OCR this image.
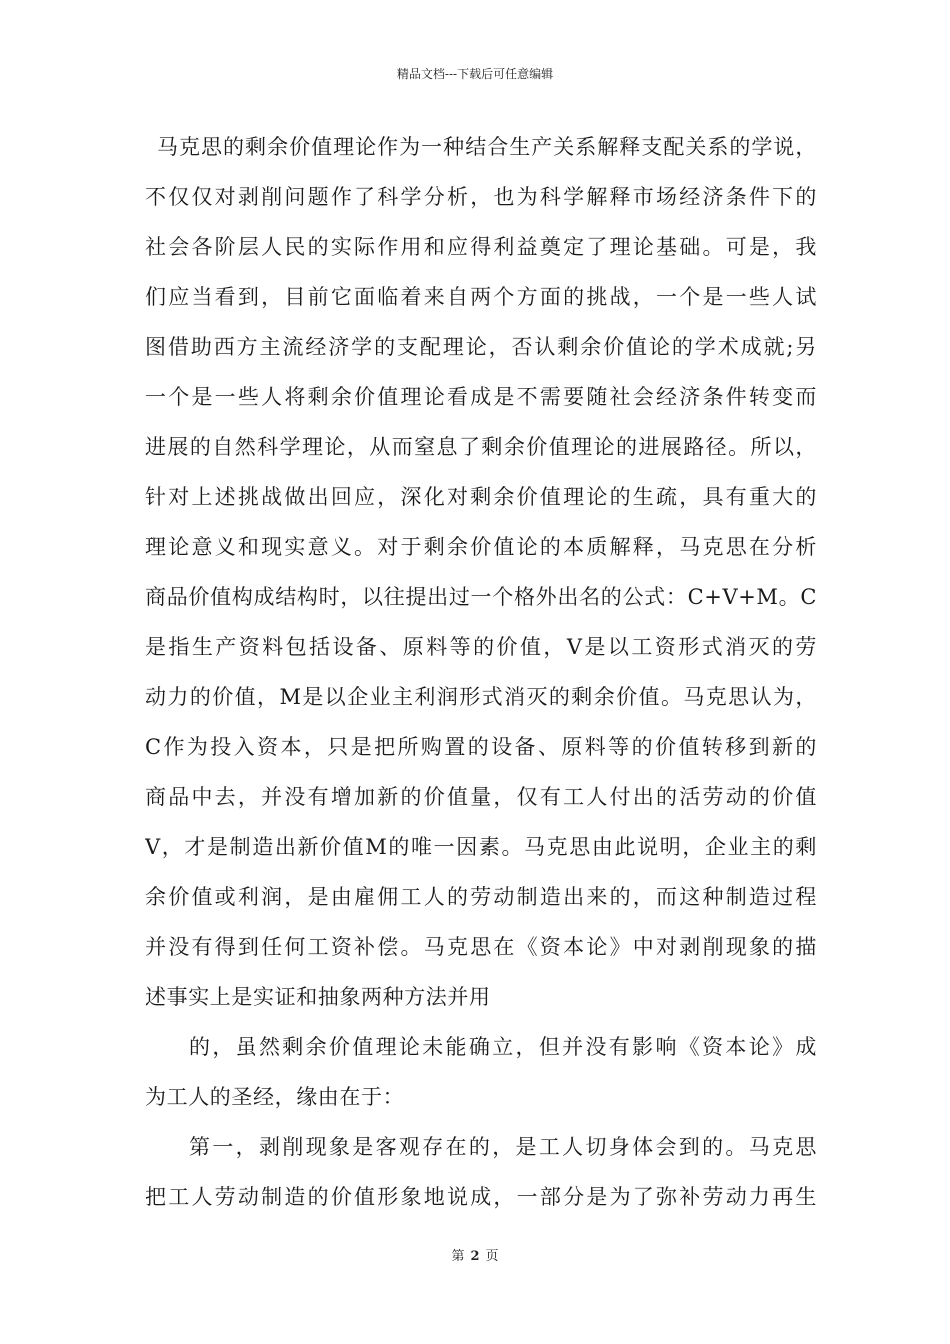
精品文档---下载后可任意编辑
马克思的剩余价值理论作为一种结合生产关系解释支配关系的学说，
不仅仅对剥削问题作了科学分析，也为科学解释市场经济条件下的
社会各阶层人民的实际作用和应得利益奠定了理论基础。可是，我
们应当看到，目前它面临着来自两个方面的挑战，一个是一些人试
图借助西方主流经济学的支配理论，否认剩余价值论的学术成就;另
一个是一些人将剩余价值理论看成是不需要随社会经济条件转变而
进展的自然科学理论，从而窒息了剩余价值理论的进展路径。所以，
针对上述挑战做出回应，深化对剩余价值理论的生疏，具有重大的
理论意义和现实意义。对于剩余价值论的本质解释，马克思在分析
商品价值构成结构时，以往提出过一个格外出名的公式：C+V+M。C
是指生产资料包括设备、原料等的价值，V是以工资形式消灭的劳
动力的价值，M是以企业主利润形式消灭的剩余价值。马克思认为，
C作为投入资本，只是把所购置的设备、原料等的价值转移到新的
商品中去，并没有增加新的价值量，仅有工人付出的活劳动的价值
V，才是制造出新价值M的唯一因素。马克思由此说明，企业主的剩
余价值或利润，是由雇佣工人的劳动制造出来的，而这种制造过程
并没有得到任何工资补偿。马克思在《资本论》中对剥削现象的描
述事实上是实证和抽象两种方法并用
的，虽然剩余价值理论未能确立，但并没有影响《资本论》成
为工人的圣经，缘由在于：
第一，剥削现象是客观存在的，是工人切身体会到的。马克思
把工人劳动制造的价值形象地说成，一部分是为了弥补劳动力再生
第 2 页
